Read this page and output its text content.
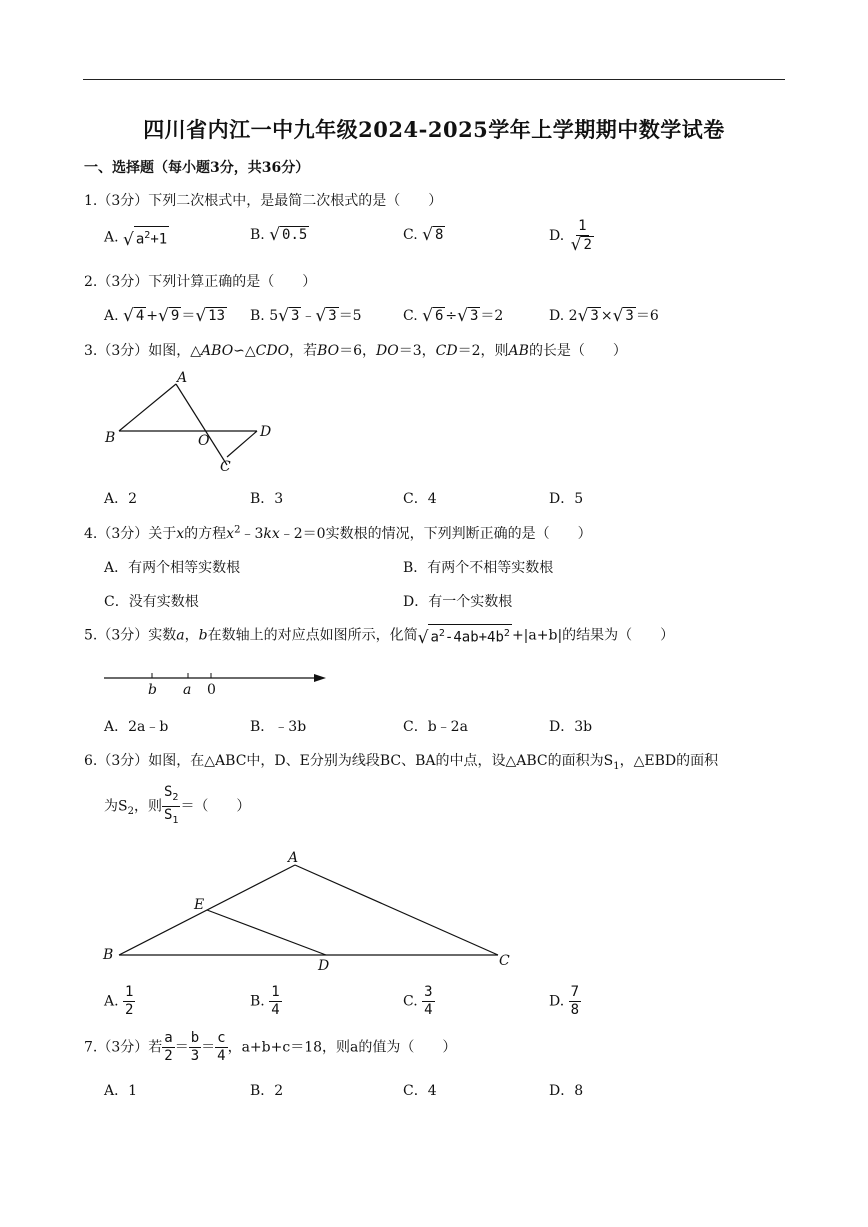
四川省内江一中九年级2024-2025学年上学期期中数学试卷
一、选择题（每小题3分，共36分）
1.（3分）下列二次根式中，是最简二次根式的是（　　）
A. √ $a^2+1$	B. √ 0.5	C. √ 8	D. $\frac{1}{√ 2}$
2.（3分）下列计算正确的是（　　）
A. √ 4 + √ 9 ＝ √ 13 B. 5 √ 3 ﹣ √ 3 ＝5	C. √ 6 ÷ √ 3 ＝2	D. 2 √ 3 × √ 3 ＝6
3.（3分）如图，△ABO∽△CDO，若BO＝6，DO＝3，CD＝2，则AB的长是（　　）
A
B	O
D
C
A．2	B．3	C．4	D．5
4.（3分）关于x的方程$x^2﹣3kx﹣2=0$实数根的情况，下列判断正确的是（　　）
A．有两个相等实数根	B．有两个不相等实数根
C．没有实数根	D．有一个实数根
5.（3分）实数a，b在数轴上的对应点如图所示，化简 √ $a^2-4ab+4b^2 +|a+b|$的结果为（　　）
b a 0
A．2a﹣b	B．﹣3b	C．b﹣2a	D．3b
6.（3分）如图，在△ABC中，D、E分别为线段BC、BA的中点，设△ABC的面积为$S_1$，△EBD的面积
为$S_2$，则 $\frac{S_2}{S_1}$ ＝（　　）
A
E
B
D	C
A. $\frac{1}{2}$	B. $\frac{1}{4}$	C. $\frac{3}{4}$	D. $\frac{7}{8}$
7.（3分）若 $\frac{a}{2} = \frac{b}{3} = \frac{c}{4}$ ，a+b+c＝18，则a的值为（　　）
A．1	B．2	C．4	D．8
